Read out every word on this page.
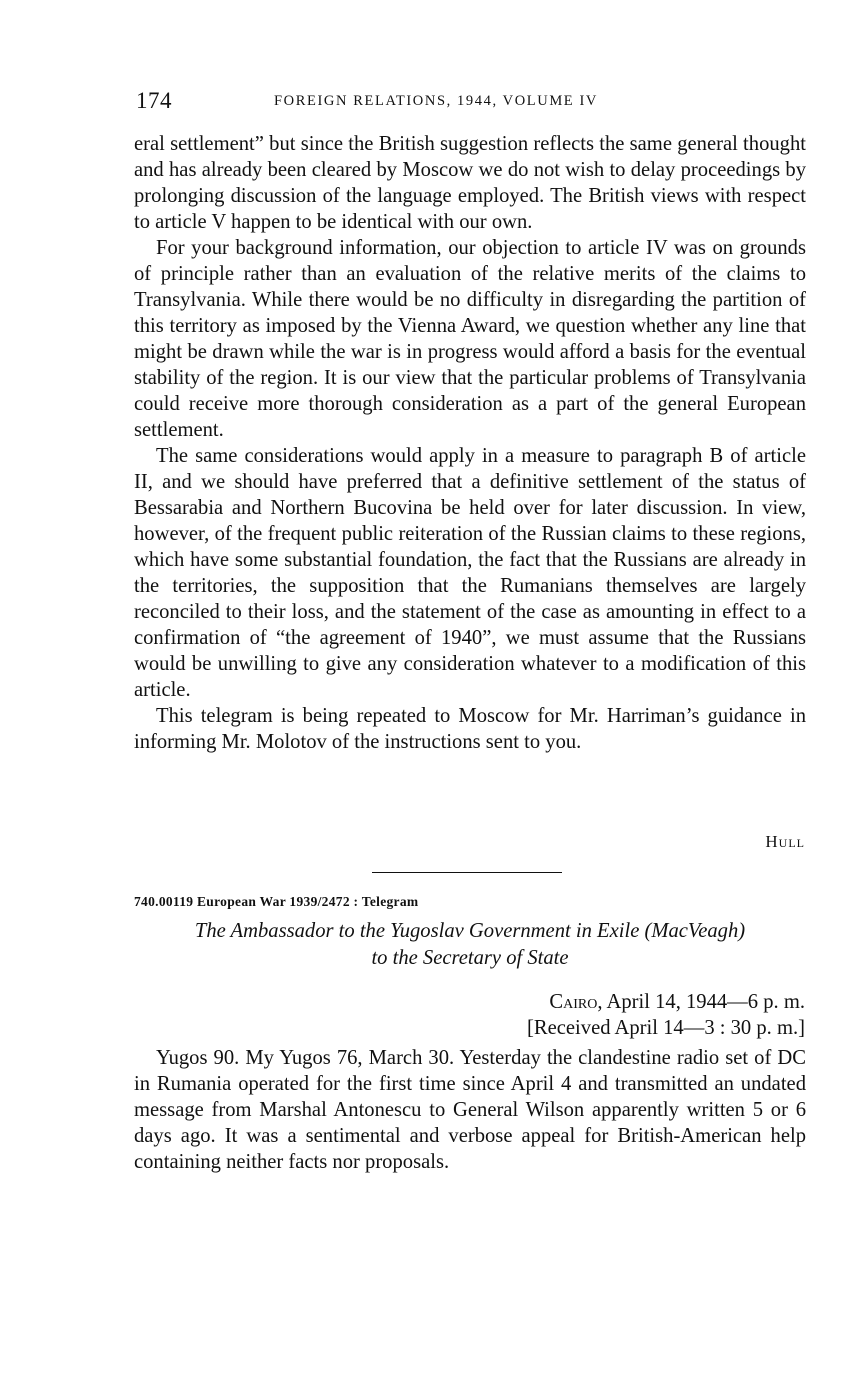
174	FOREIGN RELATIONS, 1944, VOLUME IV

eral settlement” but since the British suggestion reflects the same general thought and has already been cleared by Moscow we do not wish to delay proceedings by prolonging discussion of the language employed. The British views with respect to article V happen to be identical with our own.

For your background information, our objection to article IV was on grounds of principle rather than an evaluation of the relative merits of the claims to Transylvania. While there would be no difficulty in disregarding the partition of this territory as imposed by the Vienna Award, we question whether any line that might be drawn while the war is in progress would afford a basis for the eventual stability of the region. It is our view that the particular problems of Transylvania could receive more thorough consideration as a part of the general European settlement.

The same considerations would apply in a measure to paragraph B of article II, and we should have preferred that a definitive settlement of the status of Bessarabia and Northern Bucovina be held over for later discussion. In view, however, of the frequent public reiteration of the Russian claims to these regions, which have some substantial foundation, the fact that the Russians are already in the territories, the supposition that the Rumanians themselves are largely reconciled to their loss, and the statement of the case as amounting in effect to a confirmation of “the agreement of 1940”, we must assume that the Russians would be unwilling to give any consideration whatever to a modification of this article.

This telegram is being repeated to Moscow for Mr. Harriman’s guidance in informing Mr. Molotov of the instructions sent to you.

Hull
740.00119 European War 1939/2472 : Telegram
The Ambassador to the Yugoslav Government in Exile (MacVeagh)
to the Secretary of State
Cairo, April 14, 1944—6 p. m.
[Received April 14—3 : 30 p. m.]

Yugos 90. My Yugos 76, March 30. Yesterday the clandestine radio set of DC in Rumania operated for the first time since April 4 and transmitted an undated message from Marshal Antonescu to General Wilson apparently written 5 or 6 days ago. It was a sentimental and verbose appeal for British-American help containing neither facts nor proposals.
